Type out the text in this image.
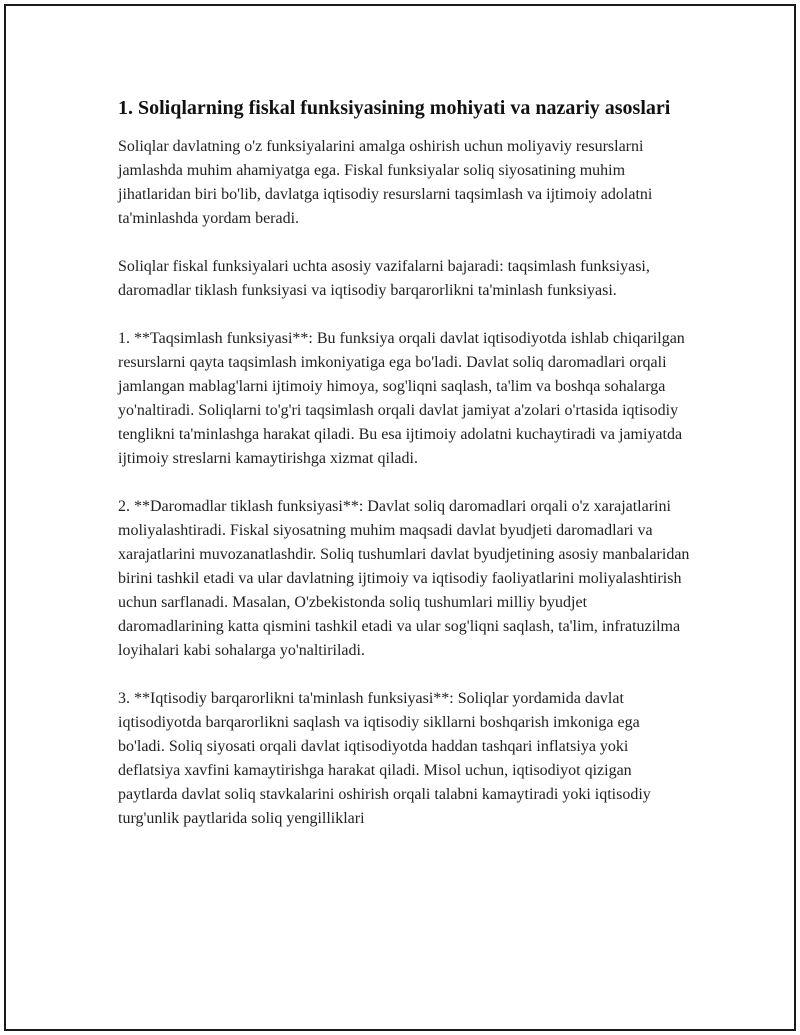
1. Soliqlarning fiskal funksiyasining mohiyati va nazariy asoslari

Soliqlar davlatning o'z funksiyalarini amalga oshirish uchun moliyaviy resurslarni jamlashda muhim ahamiyatga ega. Fiskal funksiyalar soliq siyosatining muhim jihatlaridan biri bo'lib, davlatga iqtisodiy resurslarni taqsimlash va ijtimoiy adolatni ta'minlashda yordam beradi.

Soliqlar fiskal funksiyalari uchta asosiy vazifalarni bajaradi: taqsimlash funksiyasi, daromadlar tiklash funksiyasi va iqtisodiy barqarorlikni ta'minlash funksiyasi.

1. **Taqsimlash funksiyasi**: Bu funksiya orqali davlat iqtisodiyotda ishlab chiqarilgan resurslarni qayta taqsimlash imkoniyatiga ega bo'ladi. Davlat soliq daromadlari orqali jamlangan mablag'larni ijtimoiy himoya, sog'liqni saqlash, ta'lim va boshqa sohalarga yo'naltiradi. Soliqlarni to'g'ri taqsimlash orqali davlat jamiyat a'zolari o'rtasida iqtisodiy tenglikni ta'minlashga harakat qiladi. Bu esa ijtimoiy adolatni kuchaytiradi va jamiyatda ijtimoiy streslarni kamaytirishga xizmat qiladi.

2. **Daromadlar tiklash funksiyasi**: Davlat soliq daromadlari orqali o'z xarajatlarini moliyalashtiradi. Fiskal siyosatning muhim maqsadi davlat byudjeti daromadlari va xarajatlarini muvozanatlashdir. Soliq tushumlari davlat byudjetining asosiy manbalaridan birini tashkil etadi va ular davlatning ijtimoiy va iqtisodiy faoliyatlarini moliyalashtirish uchun sarflanadi. Masalan, O'zbekistonda soliq tushumlari milliy byudjet daromadlarining katta qismini tashkil etadi va ular sog'liqni saqlash, ta'lim, infratuzilma loyihalari kabi sohalarga yo'naltiriladi.

3. **Iqtisodiy barqarorlikni ta'minlash funksiyasi**: Soliqlar yordamida davlat iqtisodiyotda barqarorlikni saqlash va iqtisodiy sikllarni boshqarish imkoniga ega bo'ladi. Soliq siyosati orqali davlat iqtisodiyotda haddan tashqari inflatsiya yoki deflatsiya xavfini kamaytirishga harakat qiladi. Misol uchun, iqtisodiyot qizigan paytlarda davlat soliq stavkalarini oshirish orqali talabni kamaytiradi yoki iqtisodiy turg'unlik paytlarida soliq yengilliklari
